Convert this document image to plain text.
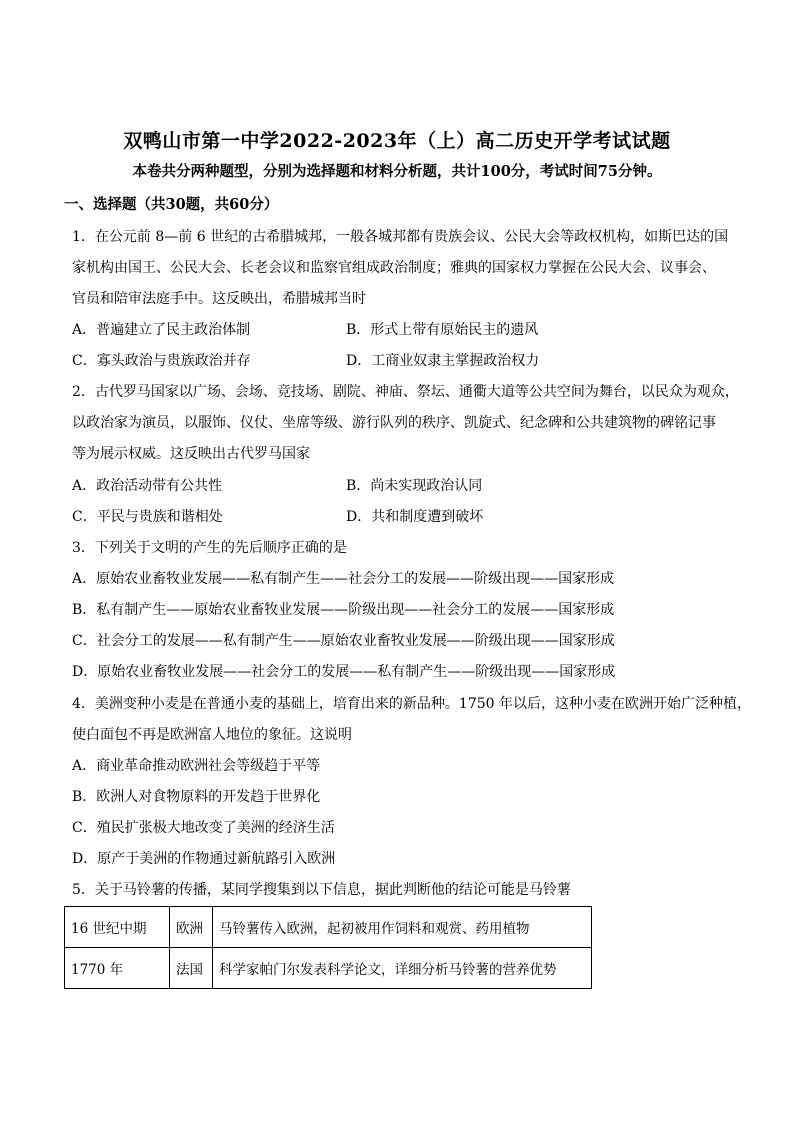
双鸭山市第一中学2022-2023年（上）高二历史开学考试试题
本卷共分两种题型，分别为选择题和材料分析题，共计100分，考试时间75分钟。
一、选择题（共30题，共60分）
1．在公元前 8—前 6 世纪的古希腊城邦，一般各城邦都有贵族会议、公民大会等政权机构，如斯巴达的国
家机构由国王、公民大会、长老会议和监察官组成政治制度；雅典的国家权力掌握在公民大会、议事会、
官员和陪审法庭手中。这反映出，希腊城邦当时
A．普遍建立了民主政治体制	B．形式上带有原始民主的遗风
C．寡头政治与贵族政治并存	D．工商业奴隶主掌握政治权力
2．古代罗马国家以广场、会场、竞技场、剧院、神庙、祭坛、通衢大道等公共空间为舞台，以民众为观众，
以政治家为演员，以服饰、仪仗、坐席等级、游行队列的秩序、凯旋式、纪念碑和公共建筑物的碑铭记事
等为展示权威。这反映出古代罗马国家
A．政治活动带有公共性	B．尚未实现政治认同
C．平民与贵族和谐相处	D．共和制度遭到破坏
3．下列关于文明的产生的先后顺序正确的是
A．原始农业畜牧业发展——私有制产生——社会分工的发展——阶级出现——国家形成
B．私有制产生——原始农业畜牧业发展——阶级出现——社会分工的发展——国家形成
C．社会分工的发展——私有制产生——原始农业畜牧业发展——阶级出现——国家形成
D．原始农业畜牧业发展——社会分工的发展——私有制产生——阶级出现——国家形成
4．美洲变种小麦是在普通小麦的基础上，培育出来的新品种。1750 年以后，这种小麦在欧洲开始广泛种植，
使白面包不再是欧洲富人地位的象征。这说明
A．商业革命推动欧洲社会等级趋于平等
B．欧洲人对食物原料的开发趋于世界化
C．殖民扩张极大地改变了美洲的经济生活
D．原产于美洲的作物通过新航路引入欧洲
5．关于马铃薯的传播，某同学搜集到以下信息，据此判断他的结论可能是马铃薯
16 世纪中期	欧洲	马铃薯传入欧洲，起初被用作饲料和观赏、药用植物
1770 年	法国	科学家帕门尔发表科学论文，详细分析马铃薯的营养优势
